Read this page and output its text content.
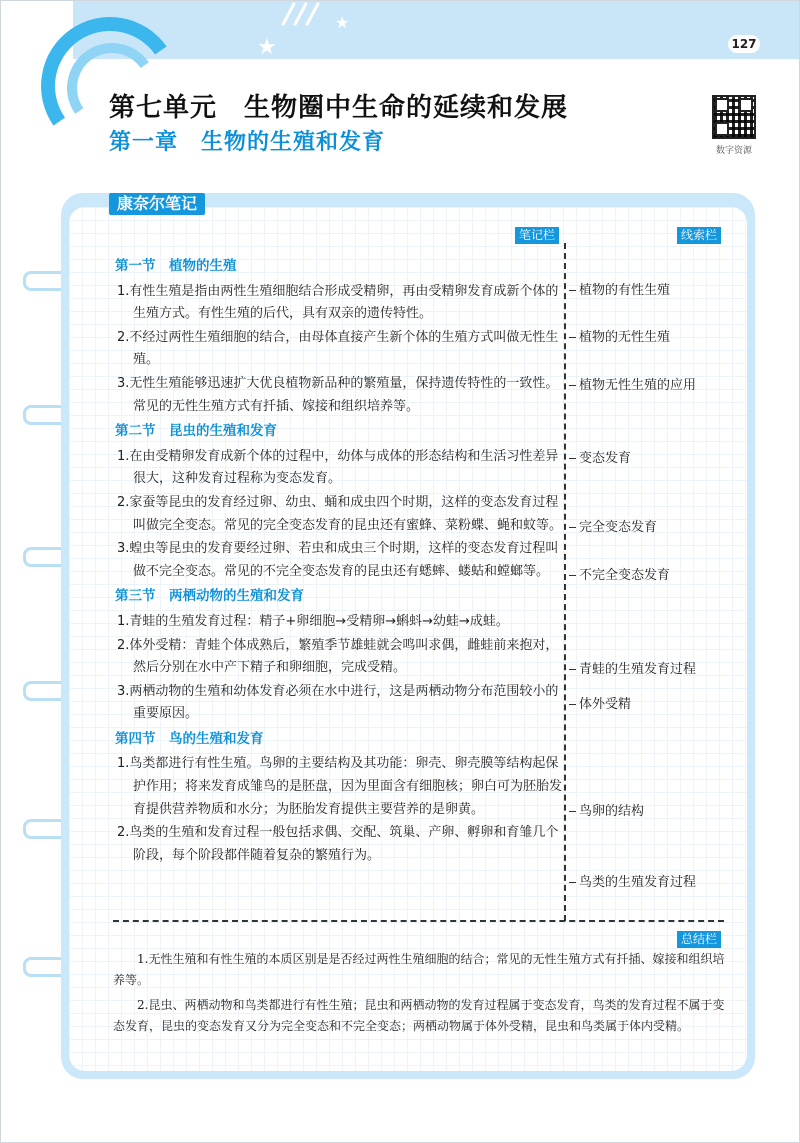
★
★
127
第七单元　生物圈中生命的延续和发展
第一章　生物的生殖和发育	数字资源
康奈尔笔记
笔记栏	线索栏
总结栏
第一节　植物的生殖
1.有性生殖是指由两性生殖细胞结合形成受精卵，再由受精卵发育成新个体的生殖方式。有性生殖的后代，具有双亲的遗传特性。
2.不经过两性生殖细胞的结合，由母体直接产生新个体的生殖方式叫做无性生殖。
3.无性生殖能够迅速扩大优良植物新品种的繁殖量，保持遗传特性的一致性。常见的无性生殖方式有扦插、嫁接和组织培养等。
第二节　昆虫的生殖和发育
1.在由受精卵发育成新个体的过程中，幼体与成体的形态结构和生活习性差异很大，这种发育过程称为变态发育。
2.家蚕等昆虫的发育经过卵、幼虫、蛹和成虫四个时期，这样的变态发育过程叫做完全变态。常见的完全变态发育的昆虫还有蜜蜂、菜粉蝶、蝇和蚊等。
3.蝗虫等昆虫的发育要经过卵、若虫和成虫三个时期，这样的变态发育过程叫做不完全变态。常见的不完全变态发育的昆虫还有蟋蟀、蝼蛄和螳螂等。
第三节　两栖动物的生殖和发育
1.青蛙的生殖发育过程：精子+卵细胞→受精卵→蝌蚪→幼蛙→成蛙。
2.体外受精：青蛙个体成熟后，繁殖季节雄蛙就会鸣叫求偶，雌蛙前来抱对，然后分别在水中产下精子和卵细胞，完成受精。
3.两栖动物的生殖和幼体发育必须在水中进行，这是两栖动物分布范围较小的重要原因。
第四节　鸟的生殖和发育
1.鸟类都进行有性生殖。鸟卵的主要结构及其功能：卵壳、卵壳膜等结构起保护作用；将来发育成雏鸟的是胚盘，因为里面含有细胞核；卵白可为胚胎发育提供营养物质和水分；为胚胎发育提供主要营养的是卵黄。
2.鸟类的生殖和发育过程一般包括求偶、交配、筑巢、产卵、孵卵和育雏几个阶段，每个阶段都伴随着复杂的繁殖行为。
植物的有性生殖
植物的无性生殖
植物无性生殖的应用
变态发育
完全变态发育
不完全变态发育
青蛙的生殖发育过程
体外受精
鸟卵的结构
鸟类的生殖发育过程

1.无性生殖和有性生殖的本质区别是是否经过两性生殖细胞的结合；常见的无性生殖方式有扦插、嫁接和组织培养等。

2.昆虫、两栖动物和鸟类都进行有性生殖；昆虫和两栖动物的发育过程属于变态发育，鸟类的发育过程不属于变态发育，昆虫的变态发育又分为完全变态和不完全变态；两栖动物属于体外受精，昆虫和鸟类属于体内受精。
